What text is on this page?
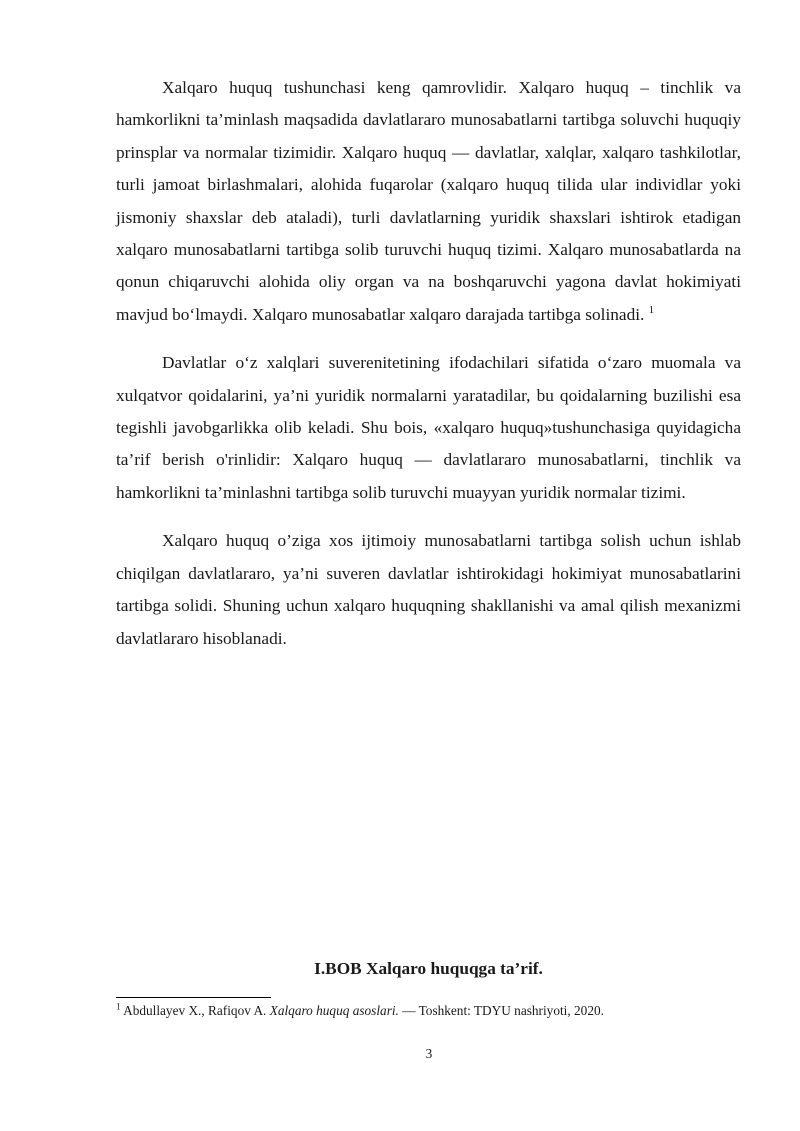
Xalqaro huquq tushunchasi keng qamrovlidir. Xalqaro huquq – tinchlik va hamkorlikni ta’minlash maqsadida davlatlararo munosabatlarni tartibga soluvchi huquqiy prinsplаr va normalar tizimidir. Xalqaro huquq — davlatlar, xalqlar, xalqaro tashkilotlar, turli jamoat birlashmalari, alohida fuqarolar (xalqaro huquq tilida ular individlar yoki jismoniy shaxslar deb ataladi), turli davlatlarning yuridik shaxslari ishtirok etadigan xalqaro munosabatlarni tartibga solib turuvchi huquq tizimi. Xalqaro munosabatlarda na qonun chiqaruvchi alohida oliy organ va na boshqaruvchi yagona davlat hokimiyati mavjud bo‘lmaydi. Xalqaro munosabatlar xalqaro darajada tartibga solinadi. $^1$

Davlatlar o‘z xalqlari suverenitetining ifodachilari sifatida o‘zaro muomala va xulqatvor qoidalarini, ya’ni yuridik normalarni yaratadilar, bu qoidalarning buzilishi esa tegishli javobgarlikka olib keladi. Shu bois, «xalqaro huquq»tushunchasiga quyidagicha ta’rif berish o'rinlidir: Xalqaro huquq — davlatlararo munosabatlarni, tinchlik va hamkorlikni ta’minlashni tartibga solib turuvchi muayyan yuridik normalar tizimi.

Xalqaro huquq o’ziga xos ijtimoiy munosabatlarni tartibga solish uchun ishlab chiqilgan davlatlararo, ya’ni suveren davlatlar ishtirokidagi hokimiyat munosabatlarini tartibga solidi. Shuning uchun xalqaro huquqning shakllanishi va amal qilish mexanizmi davlatlararo hisoblanadi.

I.BOB Xalqaro huquqga ta’rif.

$^1$ Abdullayev X., Rafiqov A. Xalqaro huquq asoslari. — Toshkent: TDYU nashriyoti, 2020.

3
